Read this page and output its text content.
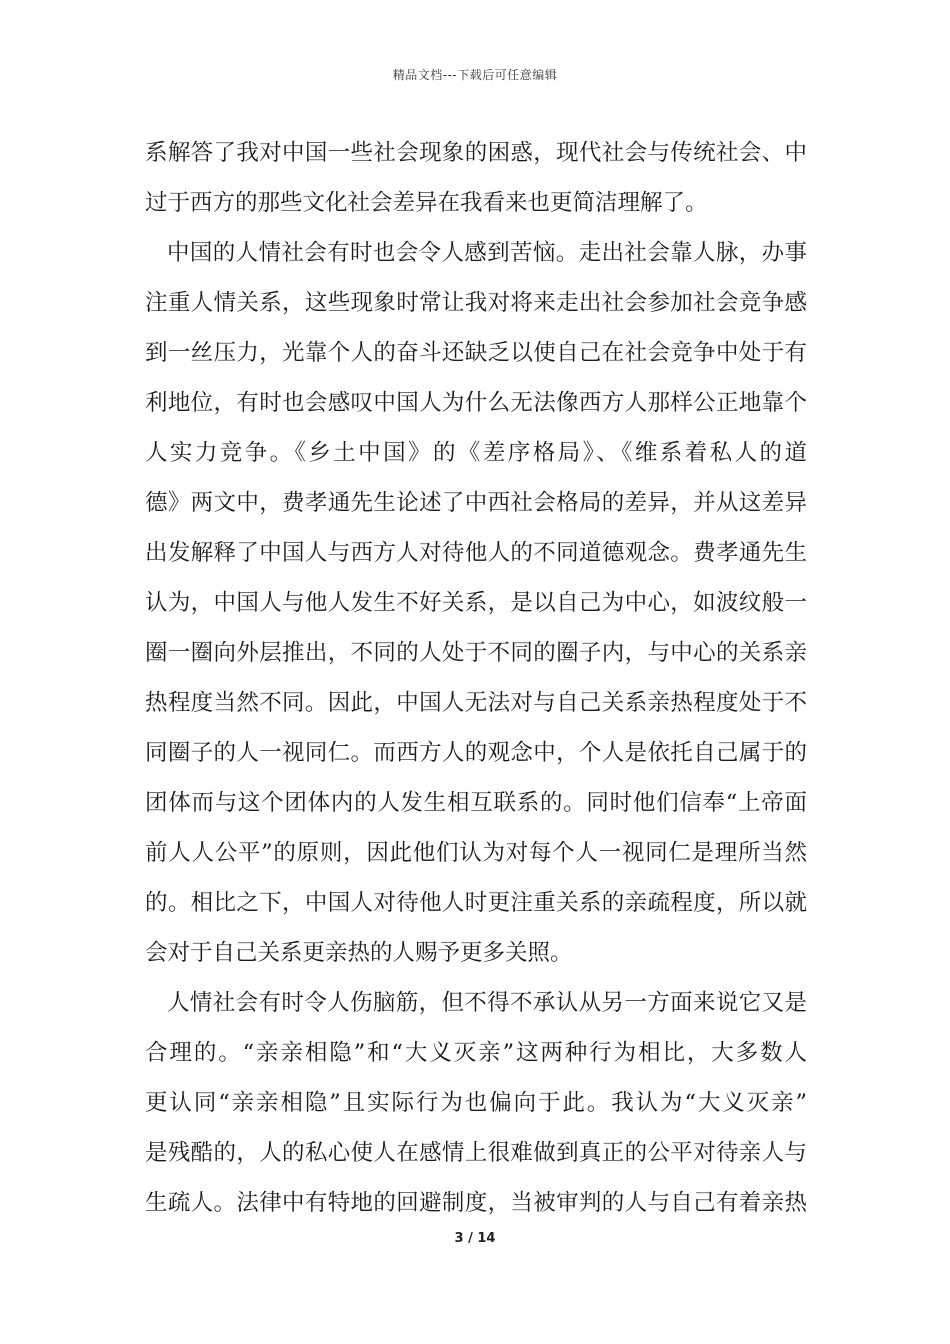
精品文档---下载后可任意编辑
系解答了我对中国一些社会现象的困惑，现代社会与传统社会、中
过于西方的那些文化社会差异在我看来也更简洁理解了。
中国的人情社会有时也会令人感到苦恼。走出社会靠人脉，办事
注重人情关系，这些现象时常让我对将来走出社会参加社会竞争感
到一丝压力，光靠个人的奋斗还缺乏以使自己在社会竞争中处于有
利地位，有时也会感叹中国人为什么无法像西方人那样公正地靠个
人实力竞争。《乡土中国》的《差序格局》、《维系着私人的道
德》两文中，费孝通先生论述了中西社会格局的差异，并从这差异
出发解释了中国人与西方人对待他人的不同道德观念。费孝通先生
认为，中国人与他人发生不好关系，是以自己为中心，如波纹般一
圈一圈向外层推出，不同的人处于不同的圈子内，与中心的关系亲
热程度当然不同。因此，中国人无法对与自己关系亲热程度处于不
同圈子的人一视同仁。而西方人的观念中，个人是依托自己属于的
团体而与这个团体内的人发生相互联系的。同时他们信奉“上帝面
前人人公平”的原则，因此他们认为对每个人一视同仁是理所当然
的。相比之下，中国人对待他人时更注重关系的亲疏程度，所以就
会对于自己关系更亲热的人赐予更多关照。
人情社会有时令人伤脑筋，但不得不承认从另一方面来说它又是
合理的。“亲亲相隐”和“大义灭亲”这两种行为相比，大多数人
更认同“亲亲相隐”且实际行为也偏向于此。我认为“大义灭亲”
是残酷的，人的私心使人在感情上很难做到真正的公平对待亲人与
生疏人。法律中有特地的回避制度，当被审判的人与自己有着亲热
3 / 14
